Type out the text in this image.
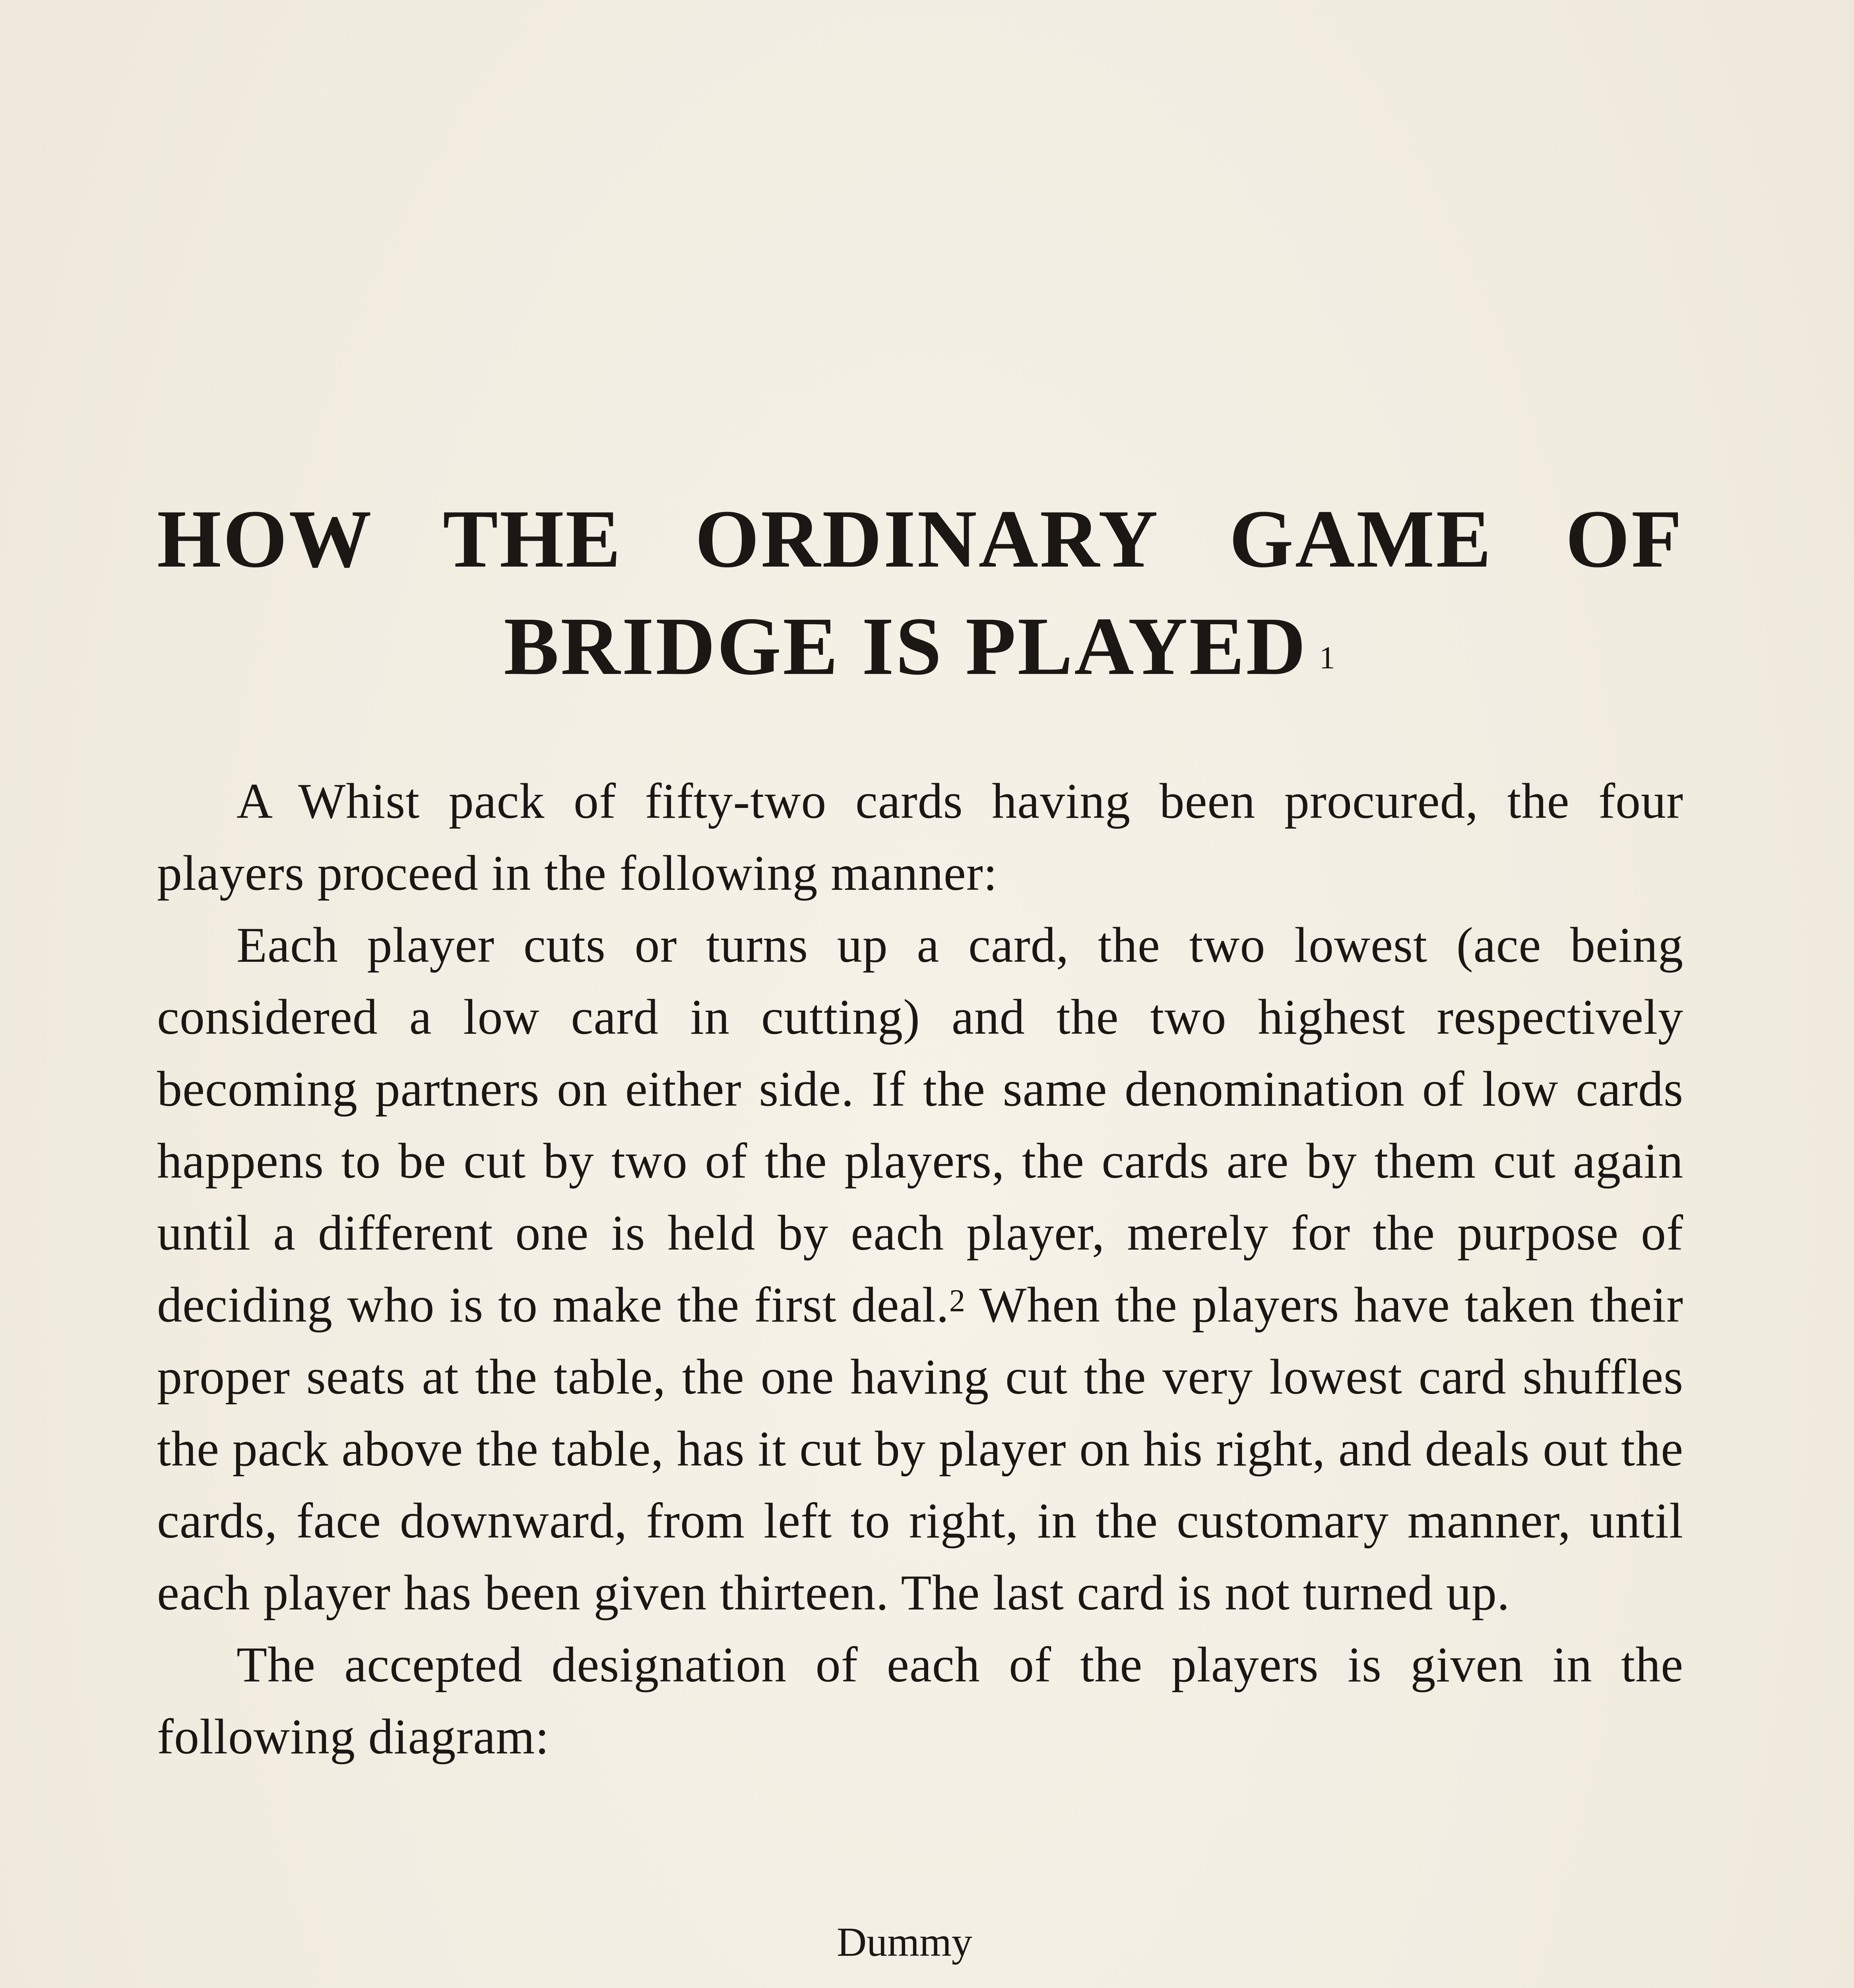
HOW THE ORDINARY GAME OF
BRIDGE IS PLAYED $^1$

A Whist pack of fifty-two cards having been procured, the four players proceed in the following manner:

Each player cuts or turns up a card, the two lowest (ace being considered a low card in cutting) and the two highest respectively becoming partners on either side. If the same denomination of low cards happens to be cut by two of the players, the cards are by them cut again until a different one is held by each player, merely for the purpose of deciding who is to make the first deal.$^2$ When the players have taken their proper seats at the table, the one having cut the very lowest card shuffles the pack above the table, has it cut by player on his right, and deals out the cards, face downward, from left to right, in the customary manner, until each player has been given thirteen. The last card is not turned up.

The accepted designation of each of the players is given in the following diagram:

Dummy
